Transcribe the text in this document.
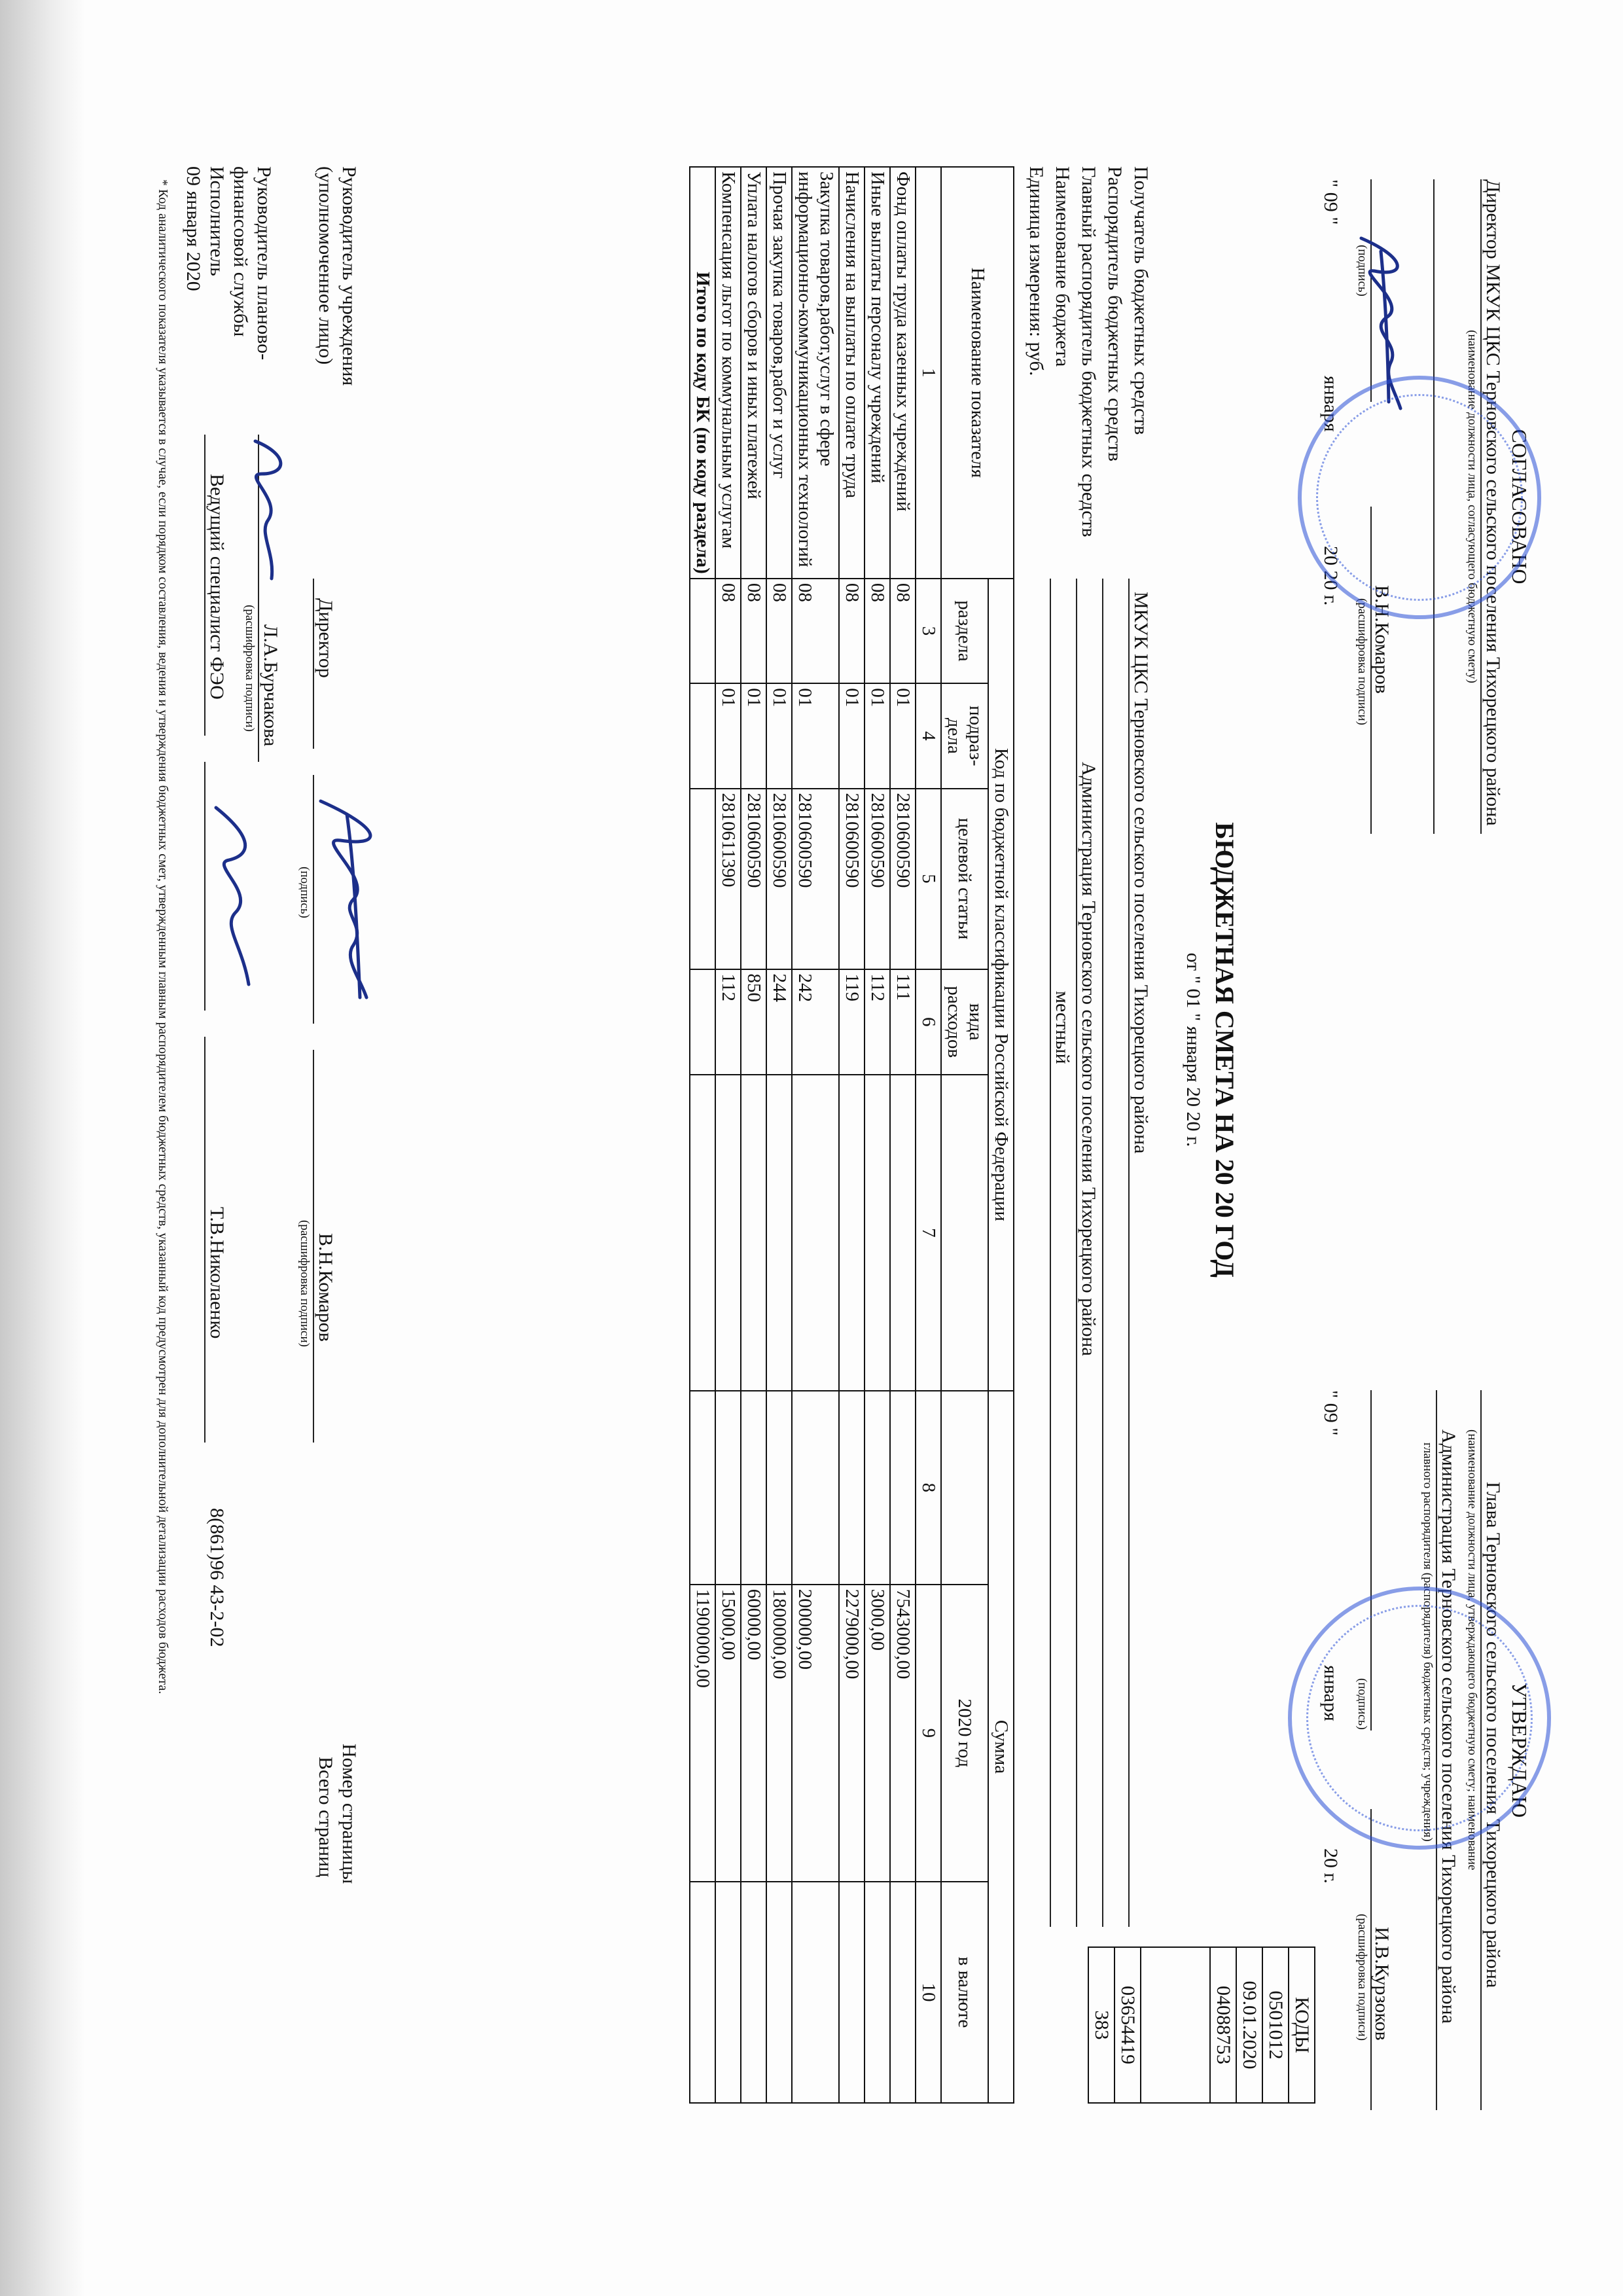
СОГЛАСОВАНО
Директор МКУК ЦКС Терновского сельского поселения Тихорецкого района
(наименование должности лица, согласующего бюджетную смету)
В.Н.Комаров
(подпись)
(расшифровка подписи)
" 09 "
января
20 20 г.
УТВЕРЖДАЮ
Глава Терновского сельского поселения Тихорецкого района
(наименование должности лица, утверждающего бюджетную смету; наименование
Администрация Терновского сельского поселения Тихорецкого района
главного распорядителя (распорядителя) бюджетных средств; учреждения)
И.В.Курзоков
(подпись)
(расшифровка подписи)
" 09 "
января
20 г.
БЮДЖЕТНАЯ СМЕТА НА 20 20 ГОД
от " 01 " января 20 20 г.
КОДЫ
0501012
09.01.2020
04088753

03654419
383
Получатель бюджетных средств
МКУК ЦКС Терновского сельского поселения Тихорецкого района
Распорядитель бюджетных средств
Главный распорядитель бюджетных средств
Администрация Терновского сельского поселения Тихорецкого района
Наименование бюджета
местный
Единица измерения: руб.
Наименование показателя	Код по бюджетной классификации Российской Федерации					Сумма		
	раздела	подраз-дела	целевой статьи	вида расходов			2020 год	в валюте
1	3	4	5	6	7	8	9	10
Фонд оплаты труда казенных учреждений	08	01	2810600590	111			7543000,00	
Иные выплаты персоналу учреждений	08	01	2810600590	112			3000,00	
Начисления на выплаты по оплате труда	08	01	2810600590	119			2279000,00	
Закупка товаров,работ,услуг в сфере информационно-коммуникационных технологий	08	01	2810600590	242			200000,00	
Прочая закупка товаров,работ и услуг	08	01	2810600590	244			1800000,00	
Уплата налогов сборов и иных платежей	08	01	2810600590	850			60000,00	
Компенсация льгот по коммунальным услугам	08	01	2810611390	112			15000,00	
Итого по коду БК (по коду раздела)							11900000,00	
Руководитель учреждения
(уполномоченное лицо)
Директор
(подпись)
В.Н.Комаров
(расшифровка подписи)
Номер страницы
Всего страниц
Руководитель планово-
финансовой службы
Л.А.Бурчакова
(расшифровка подписи)
Исполнитель
Ведущий специалист ФЭО
Т.В.Николаенко
8(861)96 43-2-02
09 января 2020
* Код аналитического показателя указывается в случае, если порядком составления, ведения и утверждения бюджетных смет, утвержденным главным распорядителем бюджетных средств, указанный код предусмотрен для дополнительной детализации расходов бюджета.
